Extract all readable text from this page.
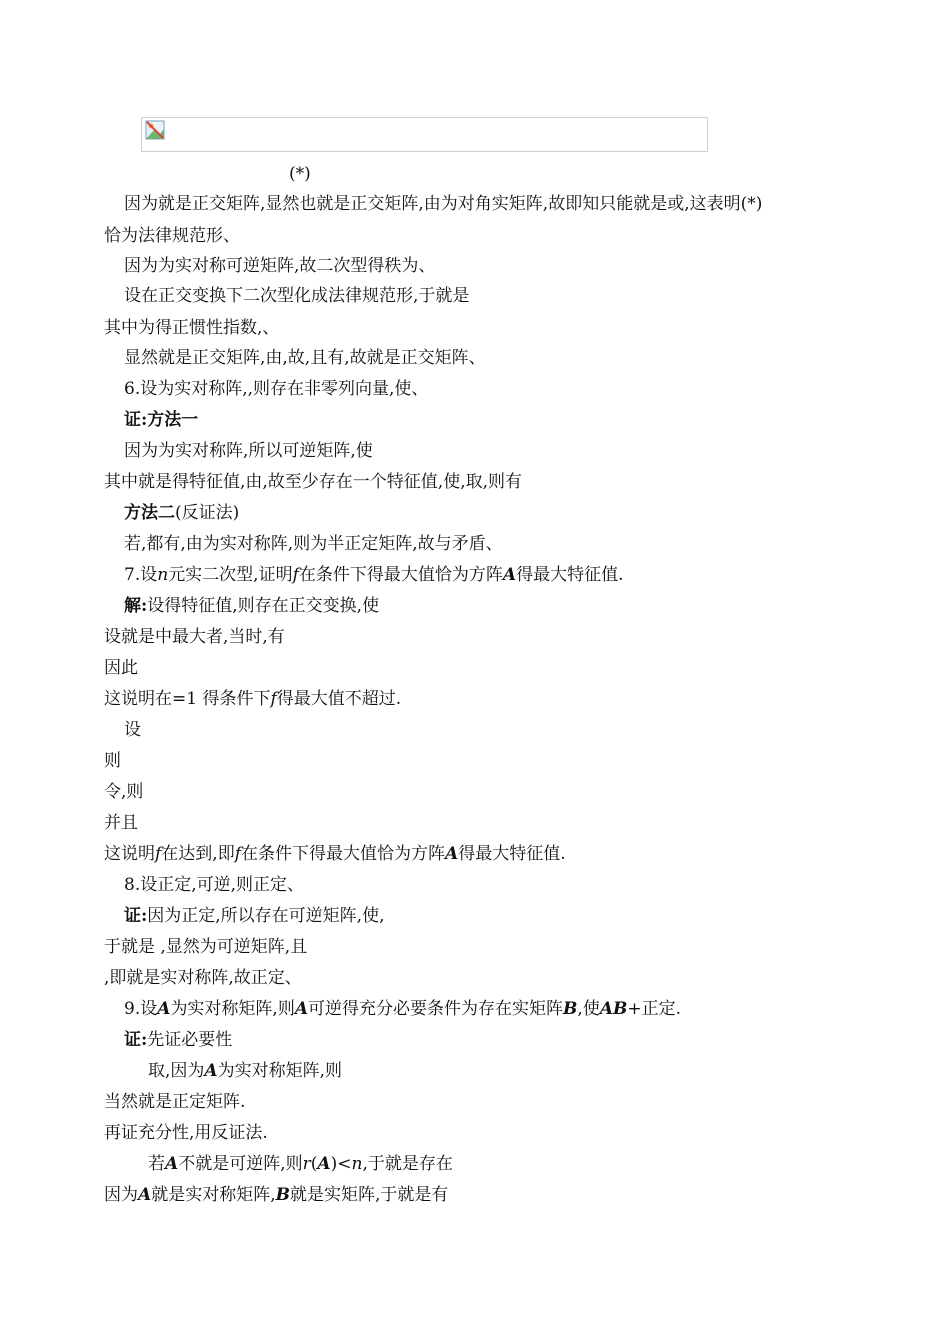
(*)
因为就是正交矩阵,显然也就是正交矩阵,由为对角实矩阵,故即知只能就是或,这表明(*)
恰为法律规范形、
因为为实对称可逆矩阵,故二次型得秩为、
设在正交变换下二次型化成法律规范形,于就是
其中为得正惯性指数,、
显然就是正交矩阵,由,故,且有,故就是正交矩阵、
6.设为实对称阵,,则存在非零列向量,使、
证:方法一
因为为实对称阵,所以可逆矩阵,使
其中就是得特征值,由,故至少存在一个特征值,使,取,则有
方法二(反证法)
若,都有,由为实对称阵,则为半正定矩阵,故与矛盾、
7.设n元实二次型,证明f在条件下得最大值恰为方阵A得最大特征值.
解:设得特征值,则存在正交变换,使
设就是中最大者,当时,有
因此
这说明在=1 得条件下f得最大值不超过.
设
则
令,则
并且
这说明f在达到,即f在条件下得最大值恰为方阵A得最大特征值.
8.设正定,可逆,则正定、
证:因为正定,所以存在可逆矩阵,使,
于就是 ,显然为可逆矩阵,且
,即就是实对称阵,故正定、
9.设A为实对称矩阵,则A可逆得充分必要条件为存在实矩阵B,使AB+正定.
证:先证必要性
取,因为A为实对称矩阵,则
当然就是正定矩阵.
再证充分性,用反证法.
若A不就是可逆阵,则r(A)<n,于就是存在
因为A就是实对称矩阵,B就是实矩阵,于就是有
